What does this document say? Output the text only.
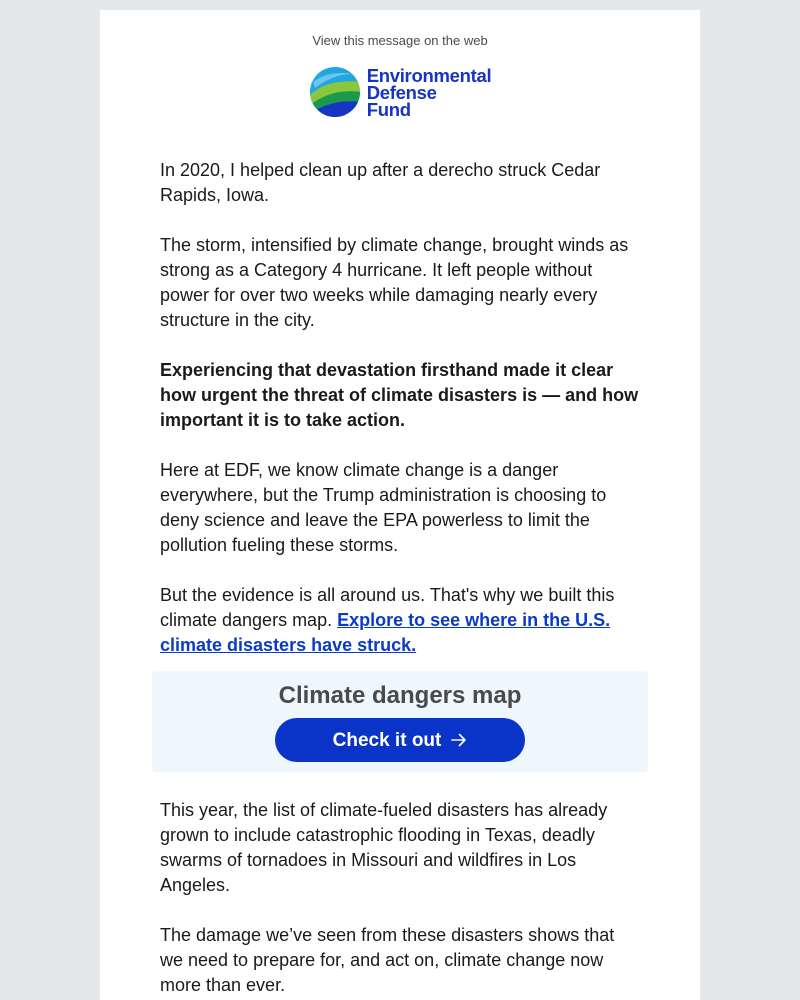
View this message on the web
Environmental
Defense
Fund

In 2020, I helped clean up after a derecho struck Cedar Rapids, Iowa.

The storm, intensified by climate change, brought winds as strong as a Category 4 hurricane. It left people without power for over two weeks while damaging nearly every structure in the city.

Experiencing that devastation firsthand made it clear how urgent the threat of climate disasters is — and how important it is to take action.

Here at EDF, we know climate change is a danger everywhere, but the Trump administration is choosing to deny science and leave the EPA powerless to limit the pollution fueling these storms.

But the evidence is all around us. That's why we built this climate dangers map. Explore to see where in the U.S. climate disasters have struck.

Climate dangers map
Check it out

This year, the list of climate-fueled disasters has already grown to include catastrophic flooding in Texas, deadly swarms of tornadoes in Missouri and wildfires in Los Angeles.

The damage we’ve seen from these disasters shows that we need to prepare for, and act on, climate change now more than ever.
